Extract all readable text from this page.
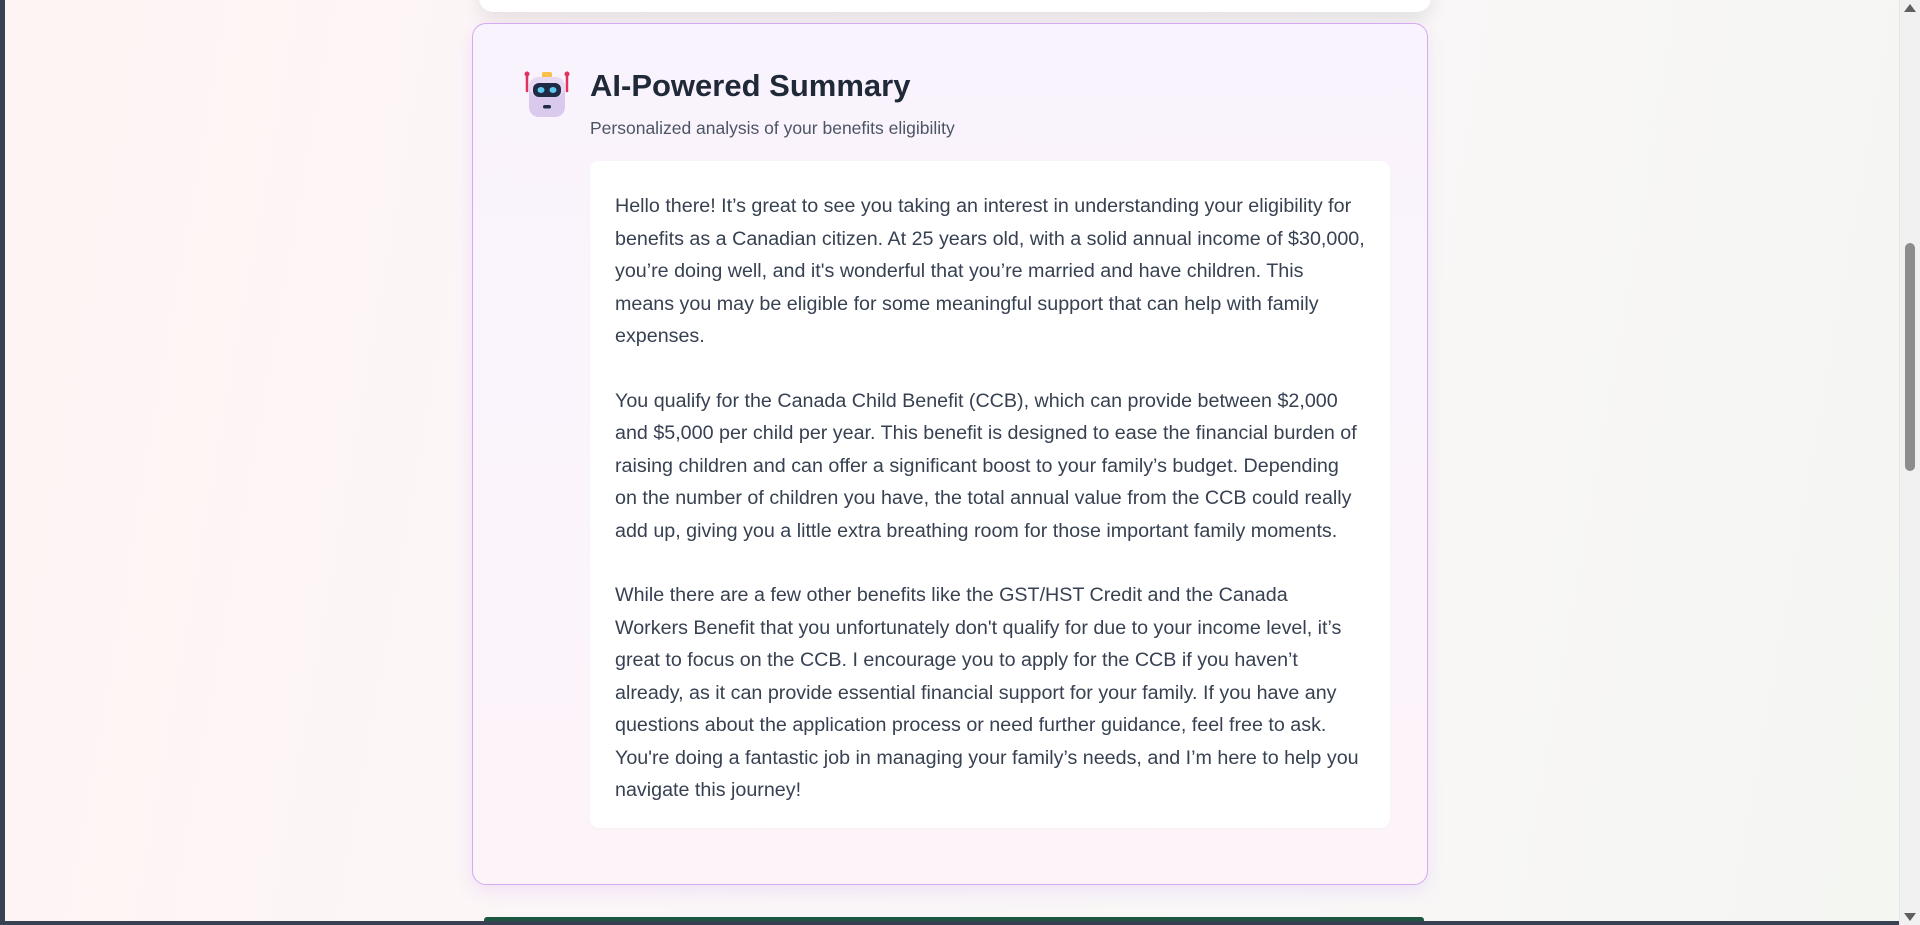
AI-Powered Summary

Personalized analysis of your benefits eligibility

Hello there! It’s great to see you taking an interest in understanding your eligibility for benefits as a Canadian citizen. At 25 years old, with a solid annual income of $30,000, you’re doing well, and it's wonderful that you’re married and have children. This means you may be eligible for some meaningful support that can help with family expenses.

You qualify for the Canada Child Benefit (CCB), which can provide between $2,000 and $5,000 per child per year. This benefit is designed to ease the financial burden of raising children and can offer a significant boost to your family’s budget. Depending on the number of children you have, the total annual value from the CCB could really add up, giving you a little extra breathing room for those important family moments.

While there are a few other benefits like the GST/HST Credit and the Canada Workers Benefit that you unfortunately don't qualify for due to your income level, it’s great to focus on the CCB. I encourage you to apply for the CCB if you haven’t already, as it can provide essential financial support for your family. If you have any questions about the application process or need further guidance, feel free to ask. You're doing a fantastic job in managing your family’s needs, and I’m here to help you navigate this journey!
